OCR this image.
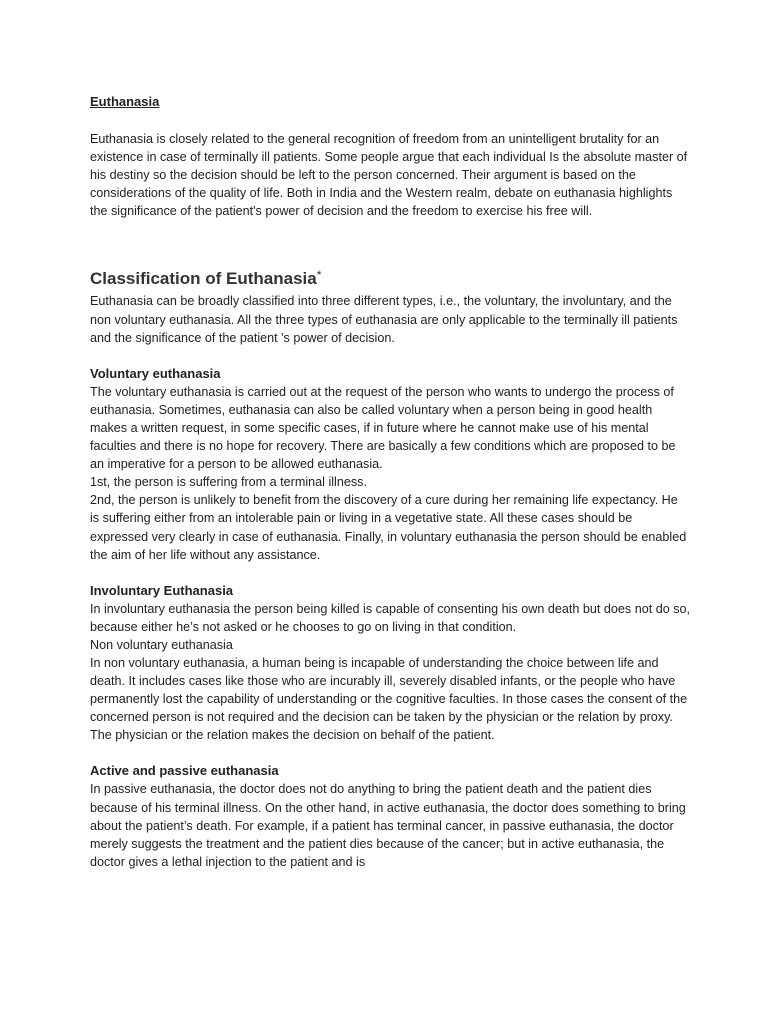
Euthanasia

Euthanasia is closely related to the general recognition of freedom from an unintelligent brutality for an existence in case of terminally ill patients. Some people argue that each individual Is the absolute master of his destiny so the decision should be left to the person concerned. Their argument is based on the considerations of the quality of life. Both in India and the Western realm, debate on euthanasia highlights the significance of the patient's power of decision and the freedom to exercise his free will.

Classification of Euthanasia*

Euthanasia can be broadly classified into three different types, i.e., the voluntary, the involuntary, and the non voluntary euthanasia. All the three types of euthanasia are only applicable to the terminally ill patients and the significance of the patient 's power of decision.

Voluntary euthanasia

The voluntary euthanasia is carried out at the request of the person who wants to undergo the process of euthanasia. Sometimes, euthanasia can also be called voluntary when a person being in good health makes a written request, in some specific cases, if in future where he cannot make use of his mental faculties and there is no hope for recovery. There are basically a few conditions which are proposed to be an imperative for a person to be allowed euthanasia.

1st, the person is suffering from a terminal illness.

2nd, the person is unlikely to benefit from the discovery of a cure during her remaining life expectancy. He is suffering either from an intolerable pain or living in a vegetative state. All these cases should be expressed very clearly in case of euthanasia. Finally, in voluntary euthanasia the person should be enabled the aim of her life without any assistance.

Involuntary Euthanasia

In involuntary euthanasia the person being killed is capable of consenting his own death but does not do so, because either he’s not asked or he chooses to go on living in that condition.

Non voluntary euthanasia

In non voluntary euthanasia, a human being is incapable of understanding the choice between life and death. It includes cases like those who are incurably ill, severely disabled infants, or the people who have permanently lost the capability of understanding or the cognitive faculties. In those cases the consent of the concerned person is not required and the decision can be taken by the physician or the relation by proxy. The physician or the relation makes the decision on behalf of the patient.

Active and passive euthanasia

In passive euthanasia, the doctor does not do anything to bring the patient death and the patient dies because of his terminal illness. On the other hand, in active euthanasia, the doctor does something to bring about the patient’s death. For example, if a patient has terminal cancer, in passive euthanasia, the doctor merely suggests the treatment and the patient dies because of the cancer; but in active euthanasia, the doctor gives a lethal injection to the patient and is
